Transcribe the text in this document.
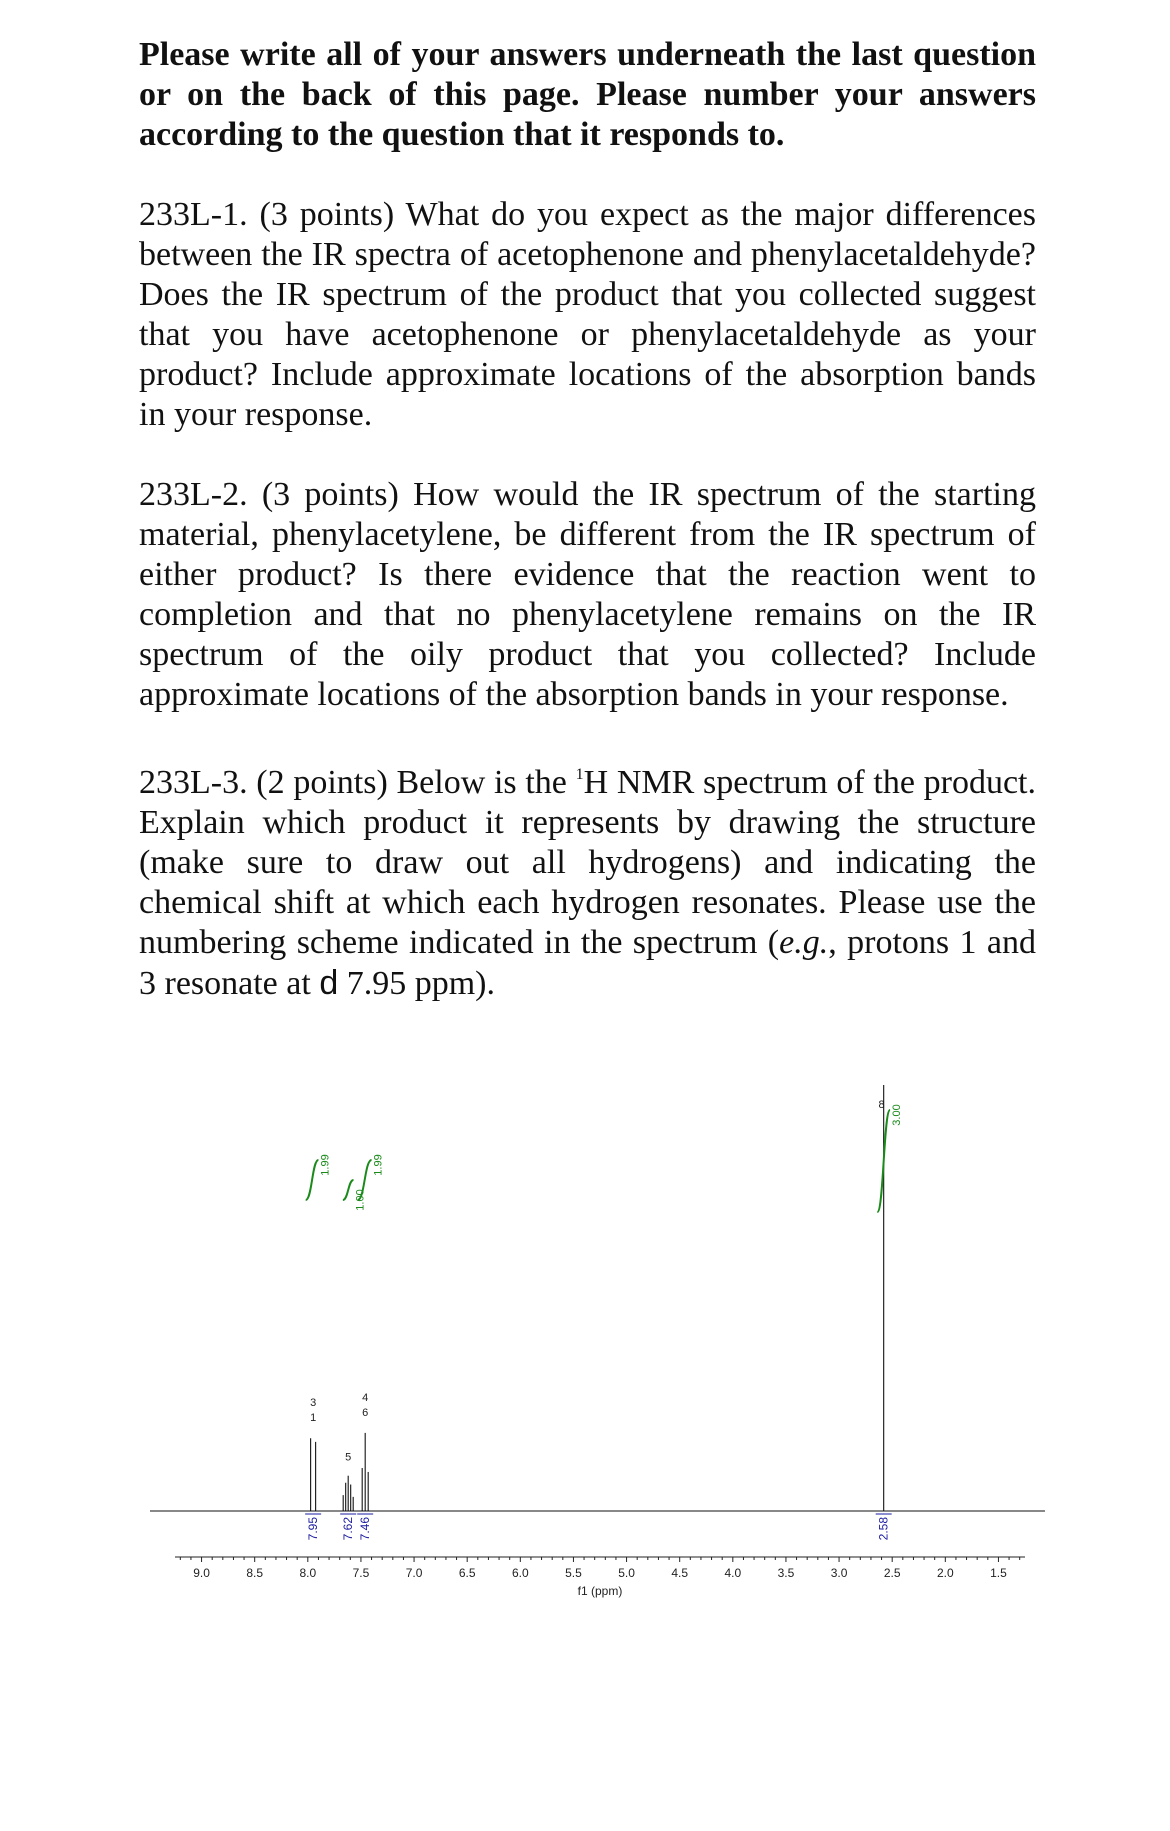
Please write all of your answers underneath the last question or on the back of this page. Please number your answers according to the question that it responds to.

233L-1. (3 points) What do you expect as the major differences between the IR spectra of acetophenone and phenylacetaldehyde? Does the IR spectrum of the product that you collected suggest that you have acetophenone or phenylacetaldehyde as your product? Include approximate locations of the absorption bands in your response.

233L-2. (3 points) How would the IR spectrum of the starting material, phenylacetylene, be different from the IR spectrum of either product? Is there evidence that the reaction went to completion and that no phenylacetylene remains on the IR spectrum of the oily product that you collected? Include approximate locations of the absorption bands in your response.

233L-3. (2 points) Below is the $^1$H NMR spectrum of the product. Explain which product it represents by drawing the structure (make sure to draw out all hydrogens) and indicating the chemical shift at which each hydrogen resonates. Please use the numbering scheme indicated in the spectrum (e.g., protons 1 and 3 resonate at d 7.95 ppm).

9.0	8.5	8.0	7.5	7.0	6.5	6.0	5.5	5.0	4.5	4.0	3.5	3.0	2.5	2.0	1.5
f1 (ppm)
7.95 7.62 7.46	2.58
3
1
5
4
6
8
1.99
1.00
1.99
3.00
